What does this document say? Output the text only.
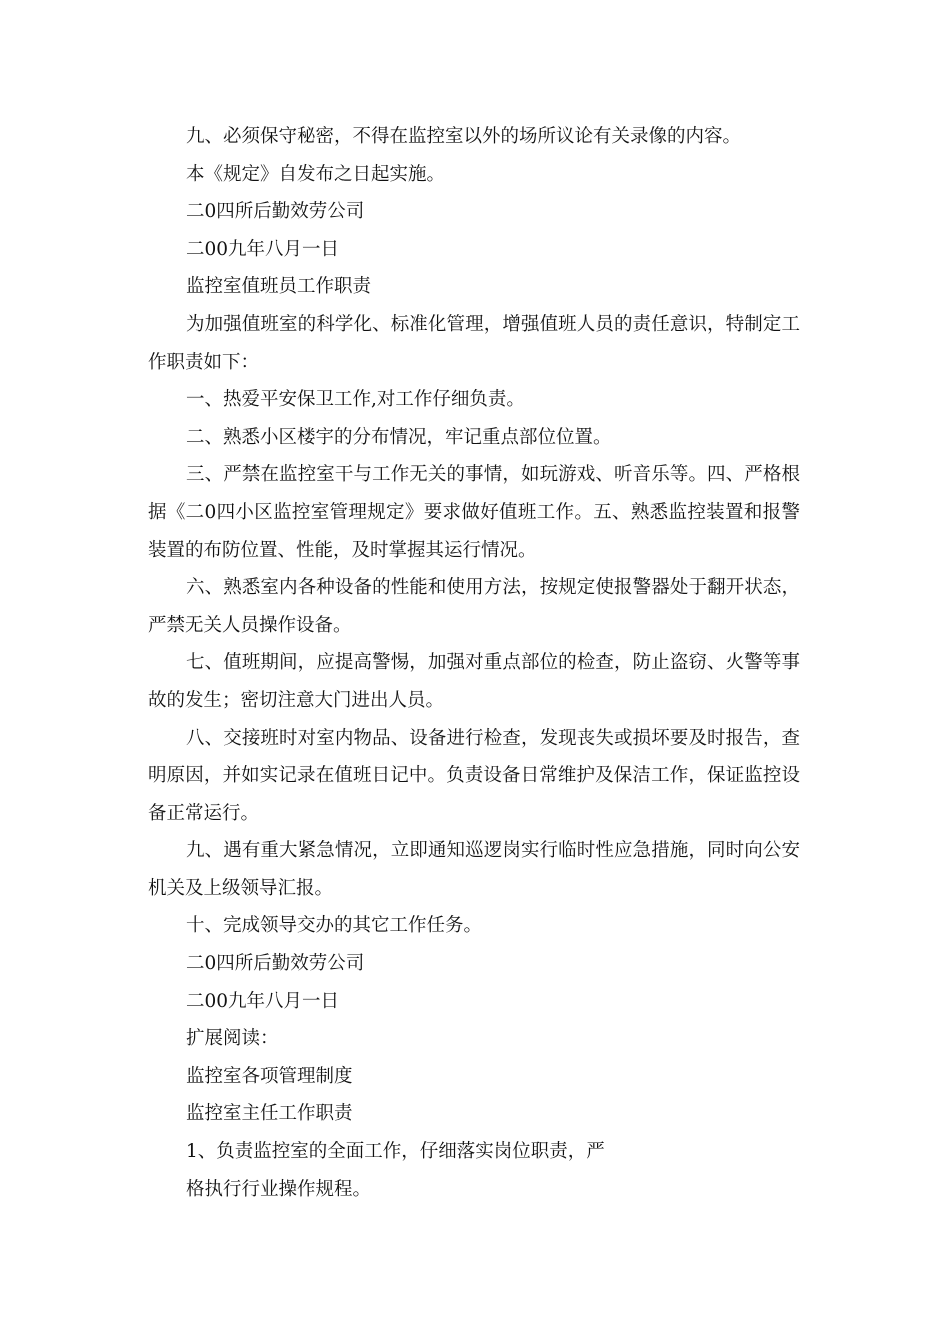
九、必须保守秘密，不得在监控室以外的场所议论有关录像的内容。

本《规定》自发布之日起实施。

二0四所后勤效劳公司

二00九年八月一日

监控室值班员工作职责

为加强值班室的科学化、标准化管理，增强值班人员的责任意识，特制定工作职责如下：

一、热爱平安保卫工作,对工作仔细负责。

二、熟悉小区楼宇的分布情况，牢记重点部位位置。

三、严禁在监控室干与工作无关的事情，如玩游戏、听音乐等。四、严格根据《二0四小区监控室管理规定》要求做好值班工作。五、熟悉监控装置和报警装置的布防位置、性能，及时掌握其运行情况。

六、熟悉室内各种设备的性能和使用方法，按规定使报警器处于翻开状态，严禁无关人员操作设备。

七、值班期间，应提高警惕，加强对重点部位的检查，防止盗窃、火警等事故的发生；密切注意大门进出人员。

八、交接班时对室内物品、设备进行检查，发现丧失或损坏要及时报告，查明原因，并如实记录在值班日记中。负责设备日常维护及保洁工作，保证监控设备正常运行。

九、遇有重大紧急情况，立即通知巡逻岗实行临时性应急措施，同时向公安机关及上级领导汇报。

十、完成领导交办的其它工作任务。

二0四所后勤效劳公司

二00九年八月一日

扩展阅读：

监控室各项管理制度

监控室主任工作职责

1、负责监控室的全面工作，仔细落实岗位职责，严

格执行行业操作规程。
